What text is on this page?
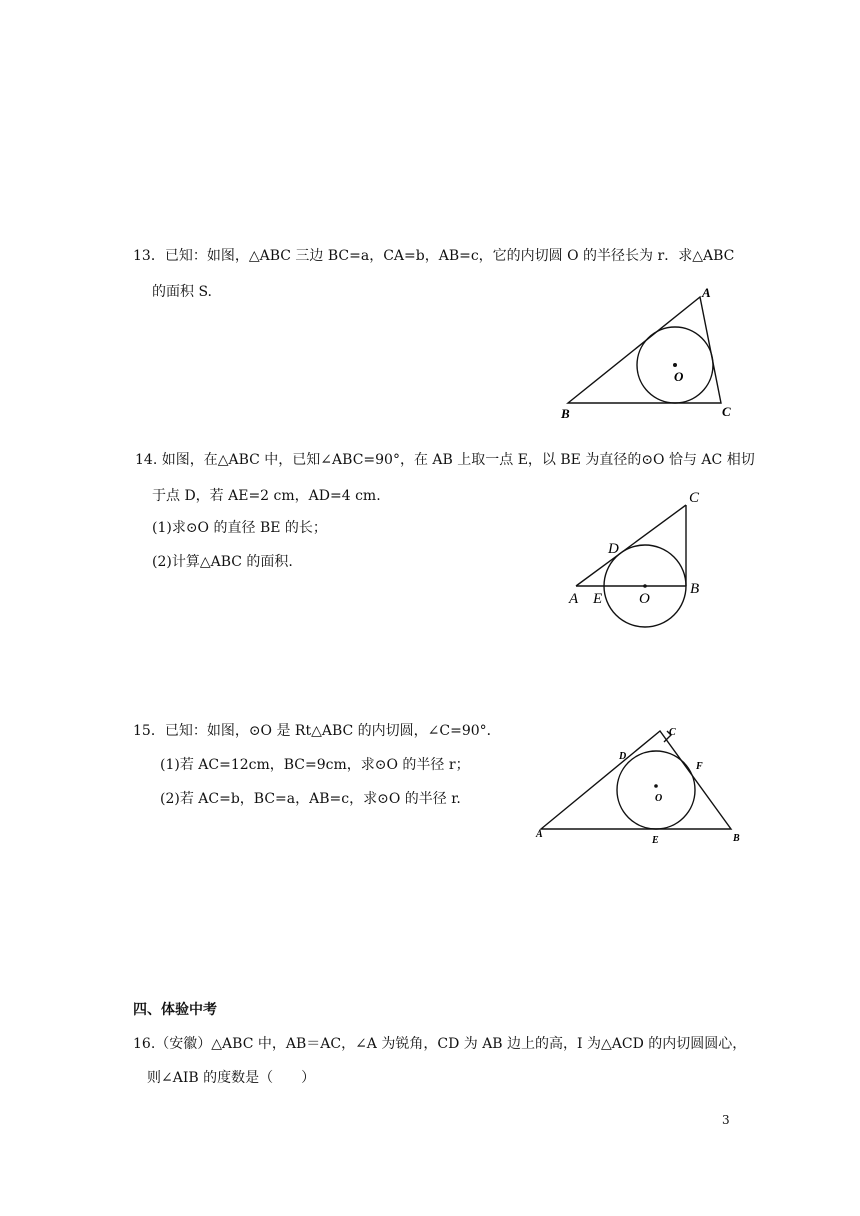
13．已知：如图，△ABC 三边 BC=a，CA=b，AB=c，它的内切圆 O 的半径长为 r．求△ABC
的面积 S.	A
B	C
O
14. 如图，在△ABC 中，已知∠ABC=90°，在 AB 上取一点 E，以 BE 为直径的⊙O 恰与 AC 相切
于点 D，若 AE=2 cm，AD=4 cm.
(1)求⊙O 的直径 BE 的长；
(2)计算△ABC 的面积.
C
D
A E O
B
15．已知：如图，⊙O 是 Rt△ABC 的内切圆，∠C=90°．
(1)若 AC=12cm，BC=9cm，求⊙O 的半径 r；
(2)若 AC=b，BC=a，AB=c，求⊙O 的半径 r.
C
D
F
O
A
E	B
四、体验中考
16.（安徽）△ABC 中，AB＝AC，∠A 为锐角，CD 为 AB 边上的高，I 为△ACD 的内切圆圆心，
则∠AIB 的度数是（　　）
3
